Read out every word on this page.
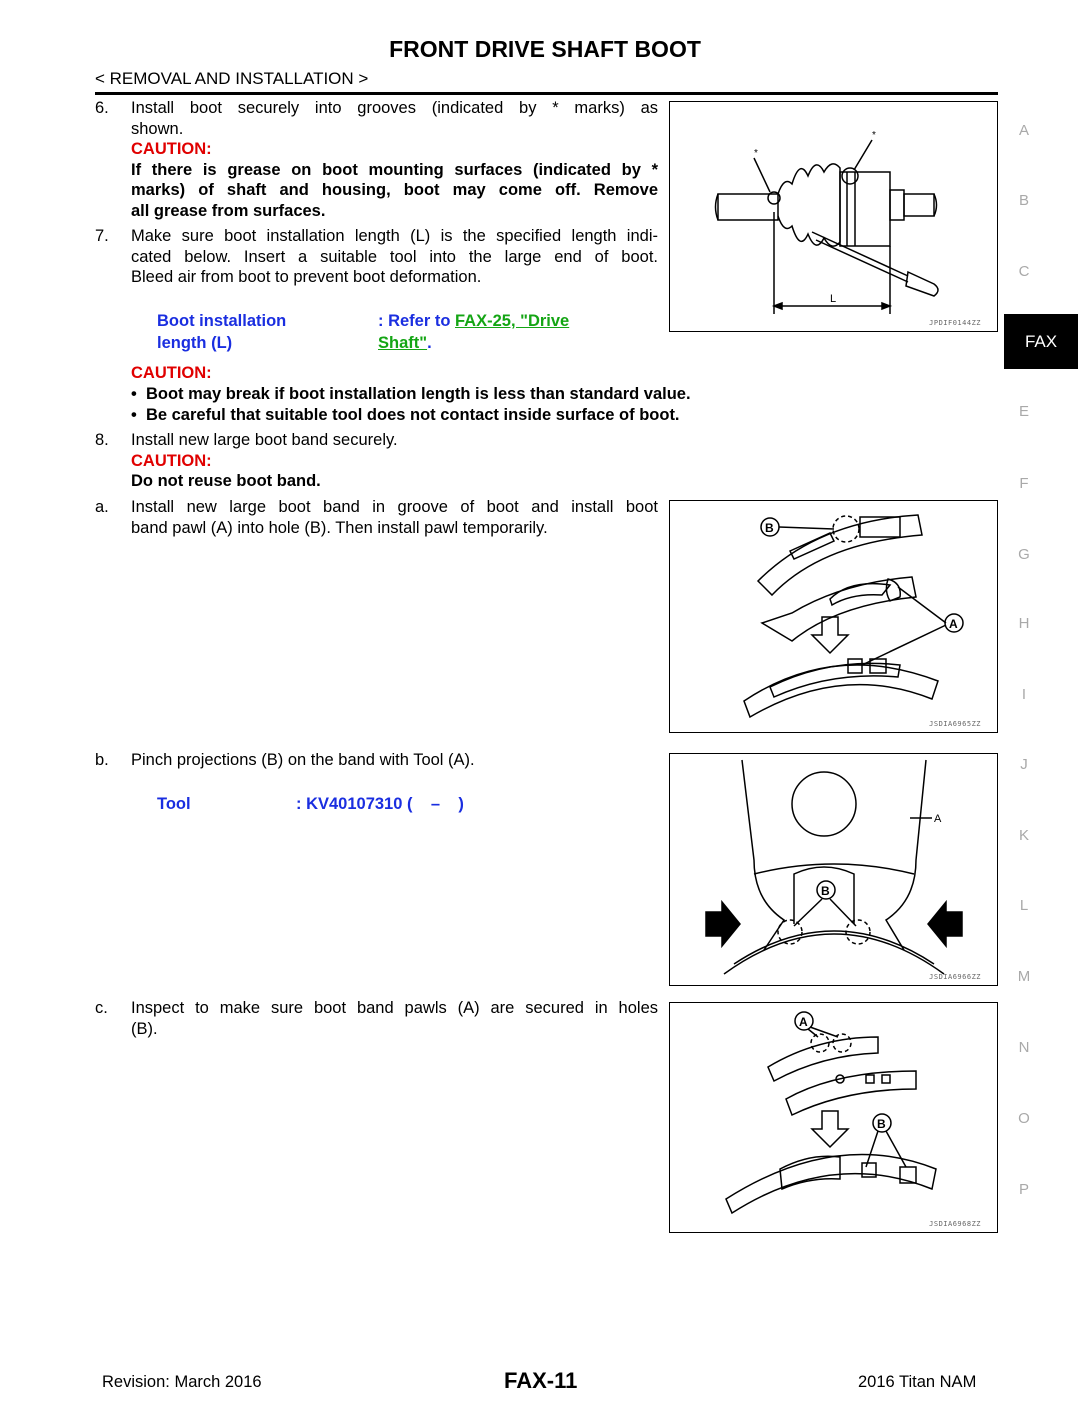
FRONT DRIVE SHAFT BOOT
< REMOVAL AND INSTALLATION >
6.	Install boot securely into grooves (indicated by * marks) as
shown.
CAUTION:
If there is grease on boot mounting surfaces (indicated by *
marks) of shaft and housing, boot may come off. Remove
all grease from surfaces.
7.	Make sure boot installation length (L) is the specified length indi-
cated below. Insert a suitable tool into the large end of boot.
Bleed air from boot to prevent boot deformation.
Boot installation
length (L)
: Refer to FAX-25, "Drive
Shaft".
CAUTION:
•  Boot may break if boot installation length is less than standard value.
•  Be careful that suitable tool does not contact inside surface of boot.
8.	Install new large boot band securely.
CAUTION:
Do not reuse boot band.
a.	Install new large boot band in groove of boot and install boot
band pawl (A) into hole (B). Then install pawl temporarily.
b.	Pinch projections (B) on the band with Tool (A).
Tool	: KV40107310 (    –    )
c.	Inspect to make sure boot band pawls (A) are secured in holes
(B).
*
*
L
JPDIF0144ZZ
B
A
JSDIA6965ZZ
B
A
JSDIA6966ZZ
A
B
JSDIA6968ZZ
A
B
C
FAX
E
F
G
H
I
J
K
L
M
N
O
P
Revision: March 2016	FAX-11	2016 Titan NAM
